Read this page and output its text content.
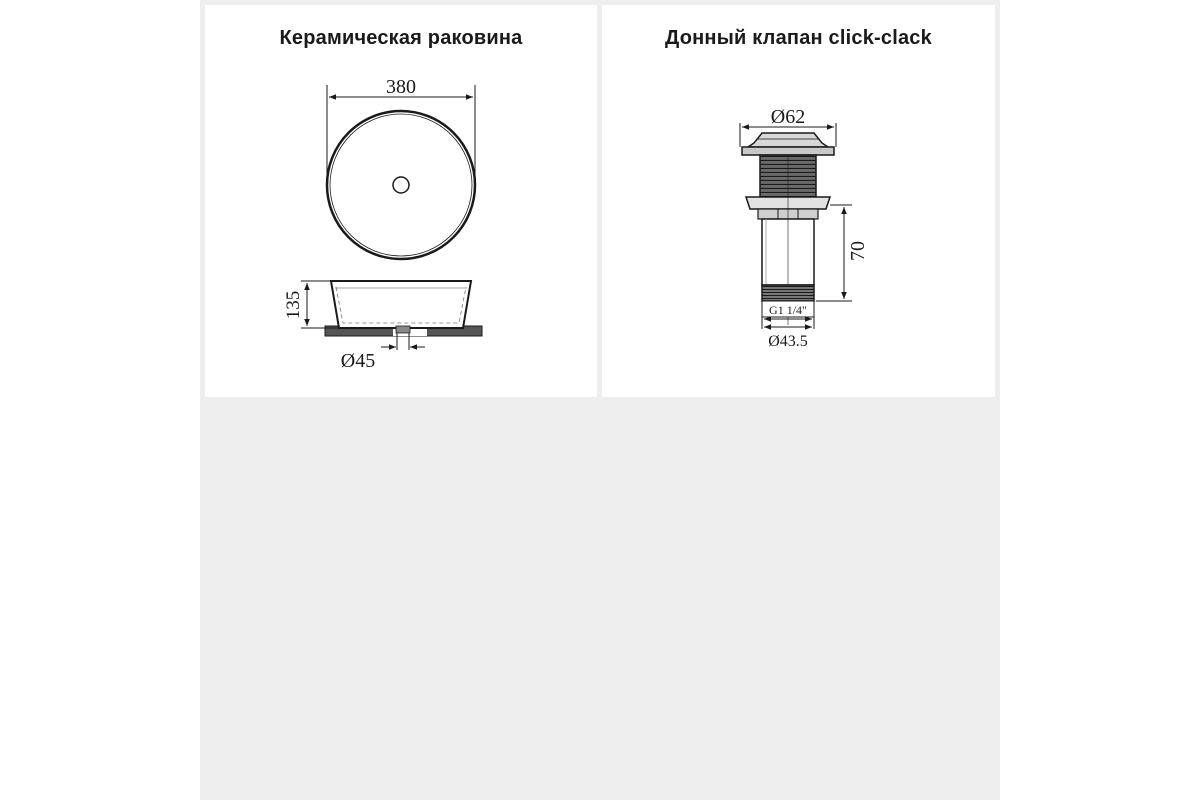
Керамическая раковина
380
135
Ø45
Донный клапан click-clack
Ø62
70
G1 1/4"
Ø43.5
